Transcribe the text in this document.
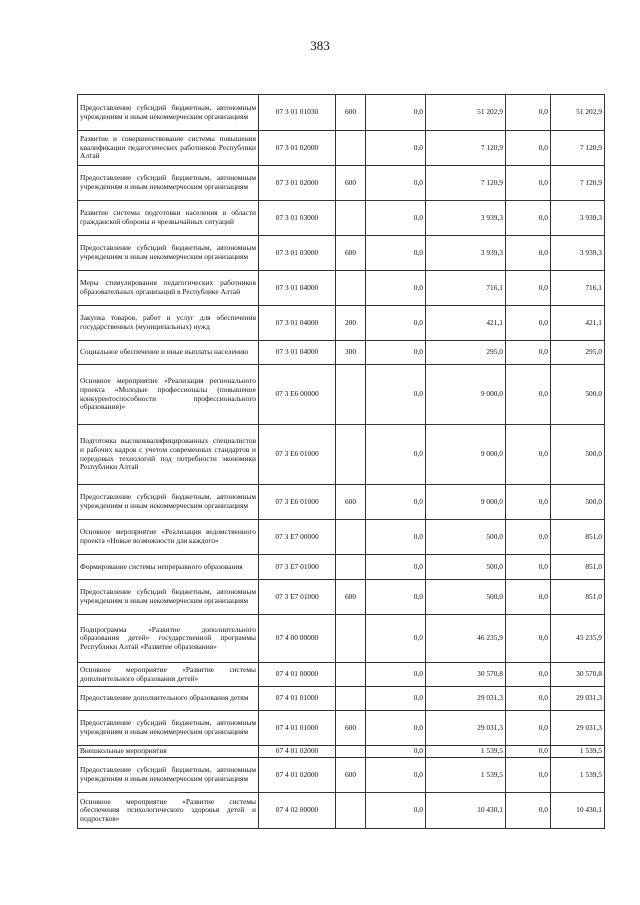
383
Предоставление субсидий бюджетным, автономным учреждениям и иным некоммерческим организациям	07 3 01 01030	600	0,0	51 202,9	0,0	51 202,9
Развитие и совершенствование системы повышения квалификации педагогических работников Республики Алтай	07 3 01 02000		0,0	7 120,9	0,0	7 120,9
Предоставление субсидий бюджетным, автономным учреждениям и иным некоммерческим организациям	07 3 01 02000	600	0,0	7 120,9	0,0	7 120,9
Развитие системы подготовки населения в области гражданской обороны и чрезвычайных ситуаций	07 3 01 03000		0,0	3 939,3	0,0	3 939,3
Предоставление субсидий бюджетным, автономным учреждениям и иным некоммерческим организациям	07 3 01 03000	600	0,0	3 939,3	0,0	3 939,3
Меры стимулирования педагогических работников образовательных организаций в Республике Алтай	07 3 01 04000		0,0	716,1	0,0	716,1
Закупка товаров, работ и услуг для обеспечения государственных (муниципальных) нужд	07 3 01 04000	200	0,0	421,1	0,0	421,1
Социальное обеспечение и иные выплаты населению	07 3 01 04000	300	0,0	295,0	0,0	295,0
Основное мероприятие «Реализация регионального проекта «Молодые профессионалы (повышение конкурентоспособности профессионального образования)»	07 3 E6 00000		0,0	9 000,0	0,0	500,0
Подготовка высококвалифицированных специалистов и рабочих кадров с учетом современных стандартов и передовых технологий под потребности экономики Республики Алтай	07 3 E6 01000		0,0	9 000,0	0,0	500,0
Предоставление субсидий бюджетным, автономным учреждениям и иным некоммерческим организациям	07 3 E6 01000	600	0,0	9 000,0	0,0	500,0
Основное мероприятие «Реализация ведомственного проекта «Новые возможности для каждого»	07 3 E7 00000		0,0	500,0	0,0	851,0
Формирование системы непрерывного образования	07 3 E7 01000		0,0	500,0	0,0	851,0
Предоставление субсидий бюджетным, автономным учреждениям и иным некоммерческим организациям	07 3 E7 01000	600	0,0	500,0	0,0	851,0
Подпрограмма «Развитие дополнительного образования детей» государственной программы Республики Алтай «Развитие образования»	07 4 00 00000		0,0	46 235,9	0,0	45 235,9
Основное мероприятие «Развитие системы дополнительного образования детей»	07 4 01 00000		0,0	30 570,8	0,0	30 570,8
Предоставление дополнительного образования детям	07 4 01 01000		0,0	29 031,3	0,0	29 031,3
Предоставление субсидий бюджетным, автономным учреждениям и иным некоммерческим организациям	07 4 01 01000	600	0,0	29 031,3	0,0	29 031,3
Внешкольные мероприятия	07 4 01 02000		0,0	1 539,5	0,0	1 539,5
Предоставление субсидий бюджетным, автономным учреждениям и иным некоммерческим организациям	07 4 01 02000	600	0,0	1 539,5	0,0	1 539,5
Основное мероприятие «Развитие системы обеспечения психологического здоровья детей и подростков»	07 4 02 00000		0,0	10 430,1	0,0	10 430,1
